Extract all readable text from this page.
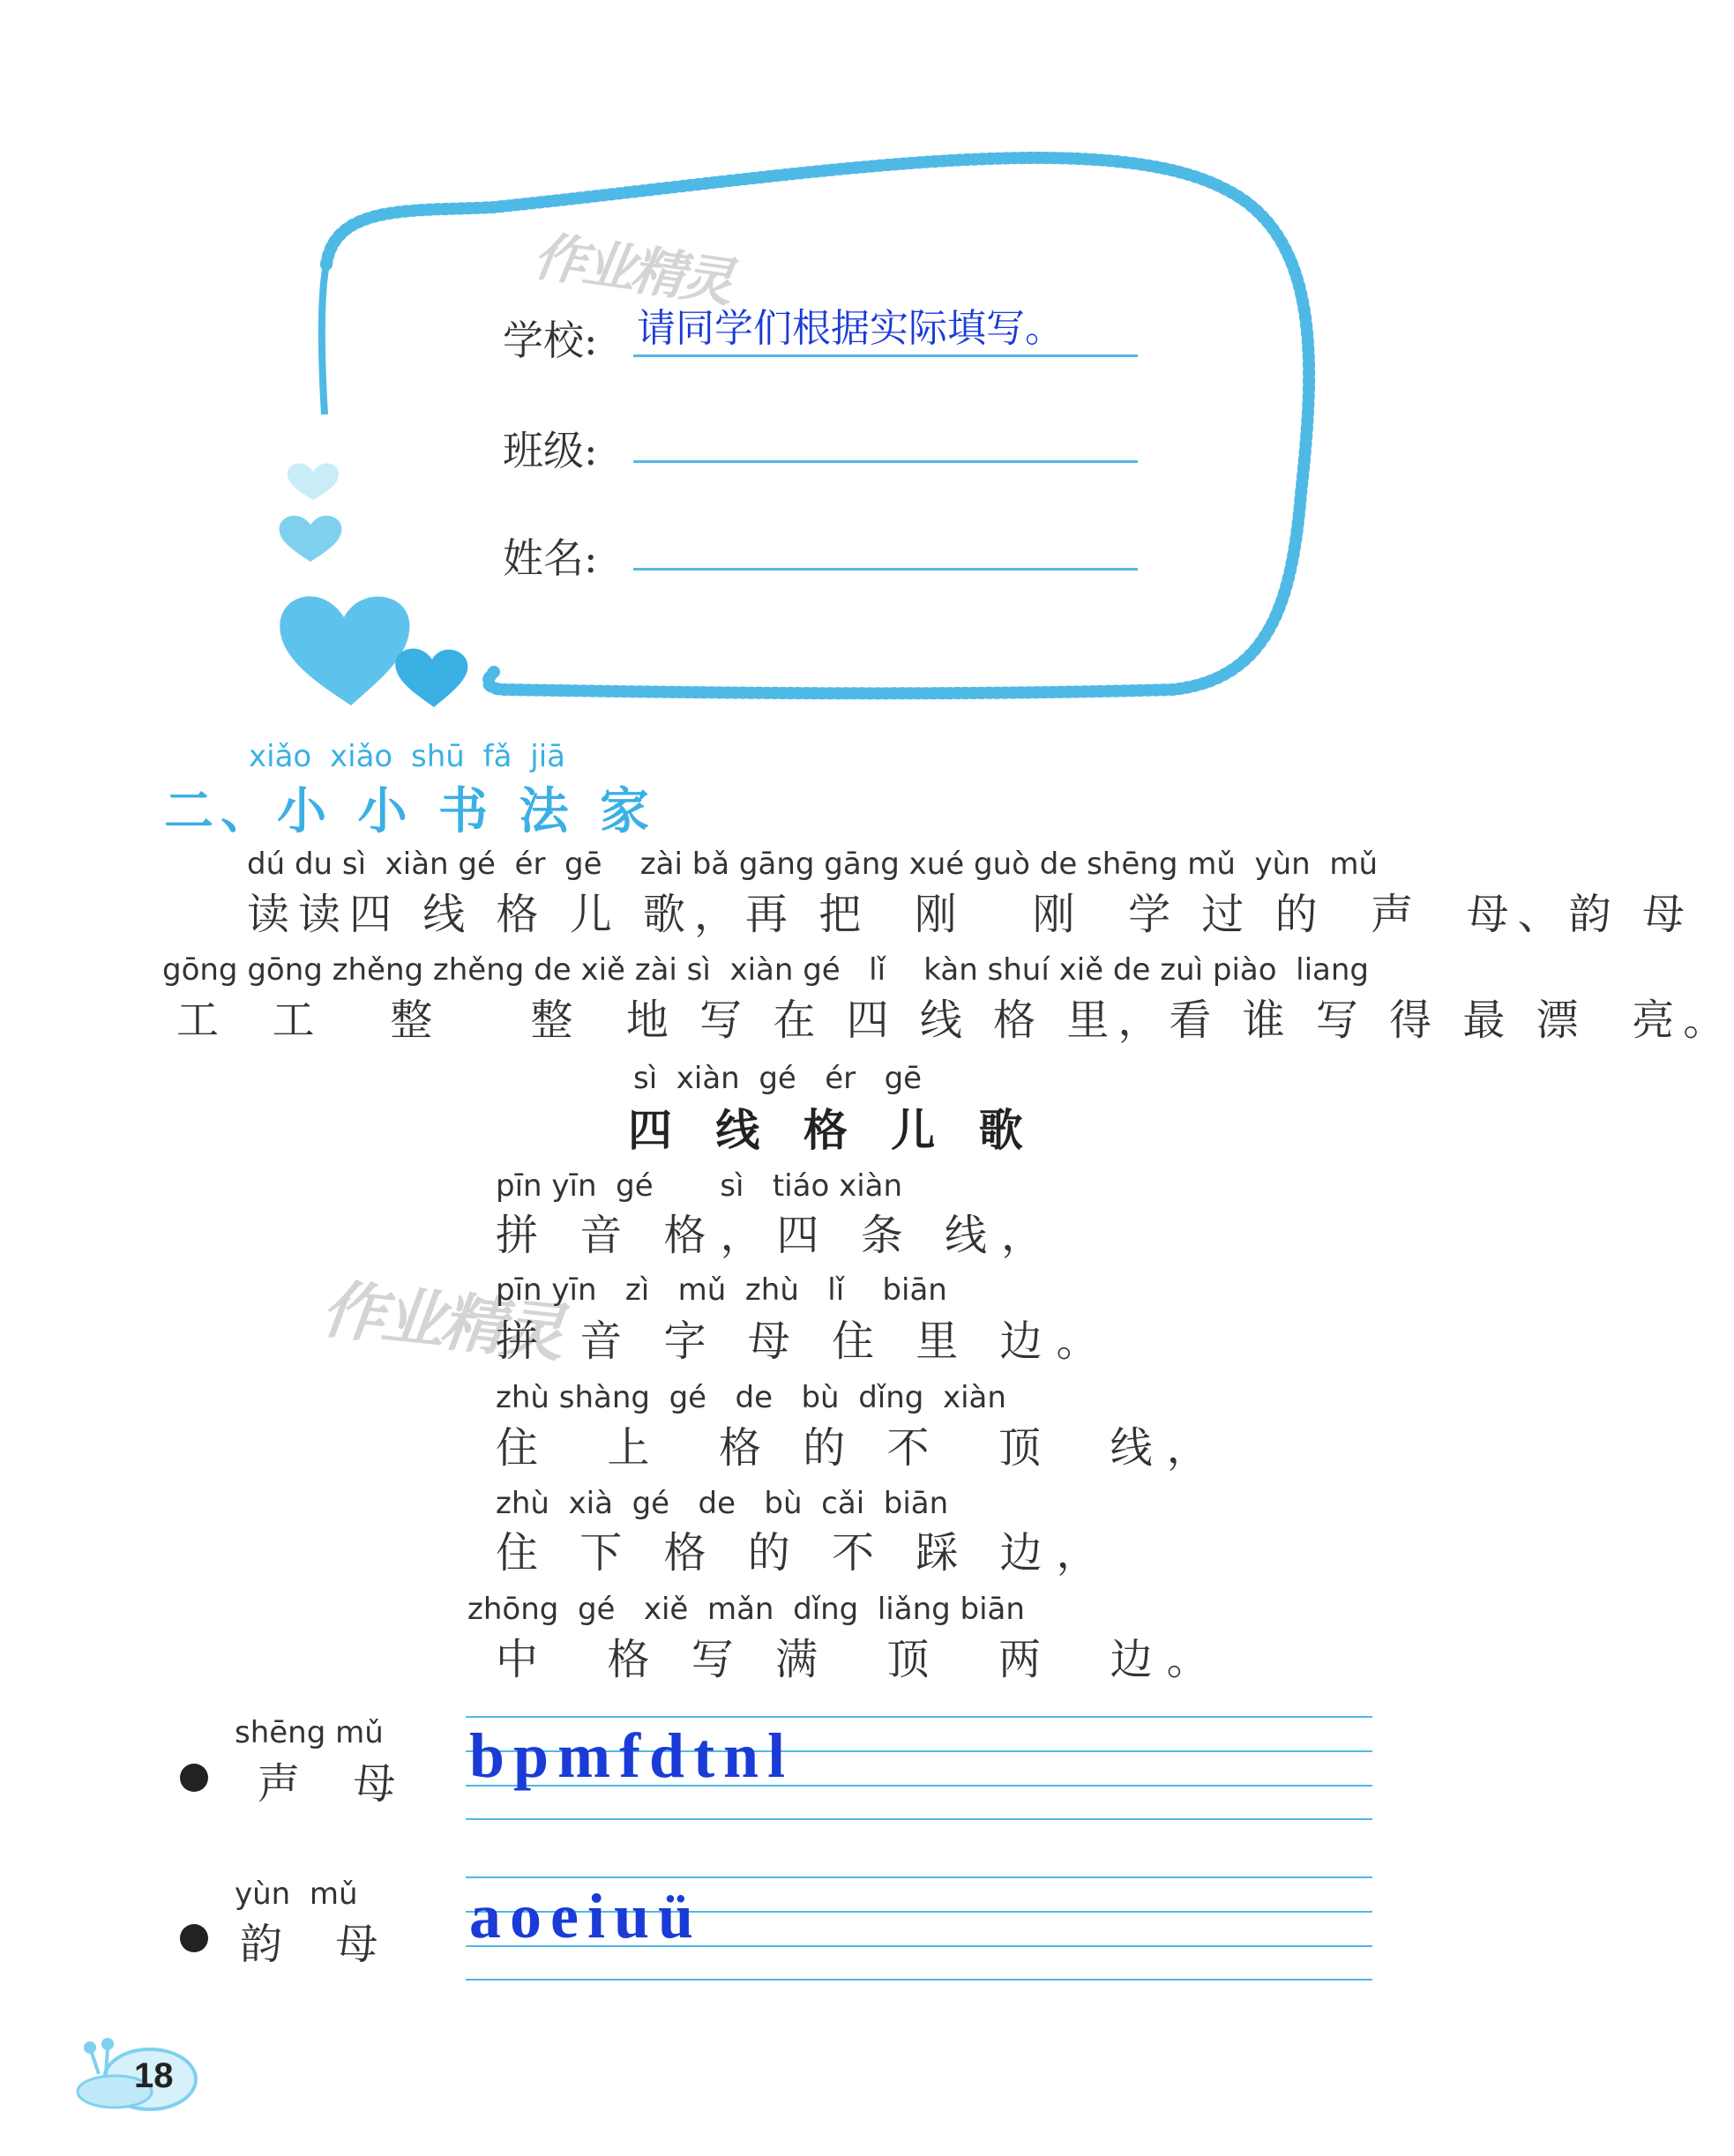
作业精灵
作业精灵
学校: 请同学们根据实际填写。
班级:
姓名:
xiǎo xiǎo shū fǎ jiā
二、小 小 书 法 家
dú du sì  xiàn gé  ér  gē    zài bǎ gāng gāng xué guò de shēng mǔ  yùn  mǔ
读读四 线 格 儿 歌，再 把  刚   刚  学 过 的  声  母、韵 母
gōng gōng zhěng zhěng de xiě zài sì  xiàn gé   lǐ    kàn shuí xiě de zuì piào  liang
工  工   整    整  地 写 在 四 线 格 里，看 谁 写 得 最 漂  亮。
sì  xiàn  gé   ér   gē
四 线 格 儿 歌
pīn yīn  gé       sì   tiáo xiàn
拼 音 格，四 条 线，
pīn yīn   zì   mǔ  zhù   lǐ    biān
拼 音 字 母 住 里 边。
zhù shàng  gé   de   bù  dǐng  xiàn
住  上  格 的 不  顶  线，
zhù  xià  gé   de   bù  cǎi  biān
住 下 格 的 不 踩 边，
zhōng  gé   xiě  mǎn  dǐng  liǎng biān
中  格 写 满  顶  两  边。
shēng mǔ
声  母 bpmfdtnl
yùn  mǔ
韵  母 aoeiuü
18
